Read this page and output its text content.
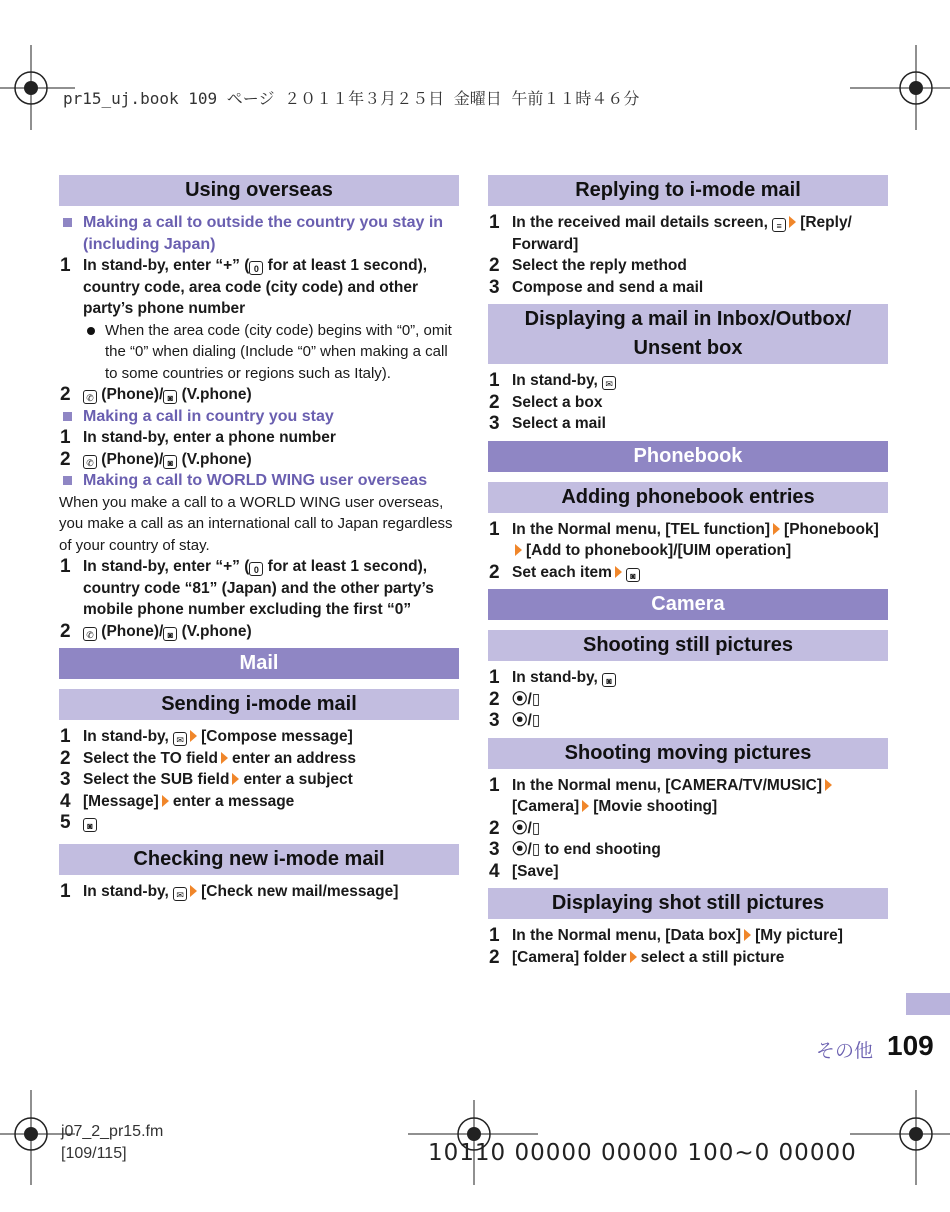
pr15_uj.book 109 ページ ２０１１年３月２５日 金曜日 午前１１時４６分
Using overseas
Making a call to outside the country you stay in (including Japan)
1 In stand-by, enter “+” ( 0 for at least 1 second), country code, area code (city code) and other party’s phone number
When the area code (city code) begins with “0”, omit the “0” when dialing (Include “0” when making a call to some countries or regions such as Italy).
2 ✆ (Phone)/ ◙ (V.phone)
Making a call in country you stay
1 In stand-by, enter a phone number
2 ✆ (Phone)/ ◙ (V.phone)
Making a call to WORLD WING user overseas
When you make a call to a WORLD WING user overseas, you make a call as an international call to Japan regardless of your country of stay.
1 In stand-by, enter “+” ( 0 for at least 1 second), country code “81” (Japan) and the other party’s mobile phone number excluding the first “0”
2 ✆ (Phone)/ ◙ (V.phone)
Mail
Sending i-mode mail
1 In stand-by, ✉ [Compose message]
2 Select the TO field enter an address
3 Select the SUB field enter a subject
4 [Message] enter a message
5 ◙
Checking new i-mode mail
1 In stand-by, ✉ [Check new mail/message]
Replying to i-mode mail
1 In the received mail details screen, ≡ [Reply/ Forward]
2 Select the reply method
3 Compose and send a mail
Displaying a mail in Inbox/Outbox/ Unsent box
1 In stand-by, ✉
2 Select a box
3 Select a mail
Phonebook
Adding phonebook entries
1 In the Normal menu, [TEL function] [Phonebook][Add to phonebook]/[UIM operation]
2 Set each item ◙
Camera
Shooting still pictures
1 In stand-by, ◙
2 ⦿/▯
3 ⦿/▯
Shooting moving pictures
1 In the Normal menu, [CAMERA/TV/MUSIC][Camera] [Movie shooting]
2 ⦿/▯
3 ⦿/▯ to end shooting
4 [Save]
Displaying shot still pictures
1 In the Normal menu, [Data box] [My picture]
2 [Camera] folder select a still picture
その他 109
j07_2_pr15.fm
[109/115]	10110 00000 00000 100~0 00000
